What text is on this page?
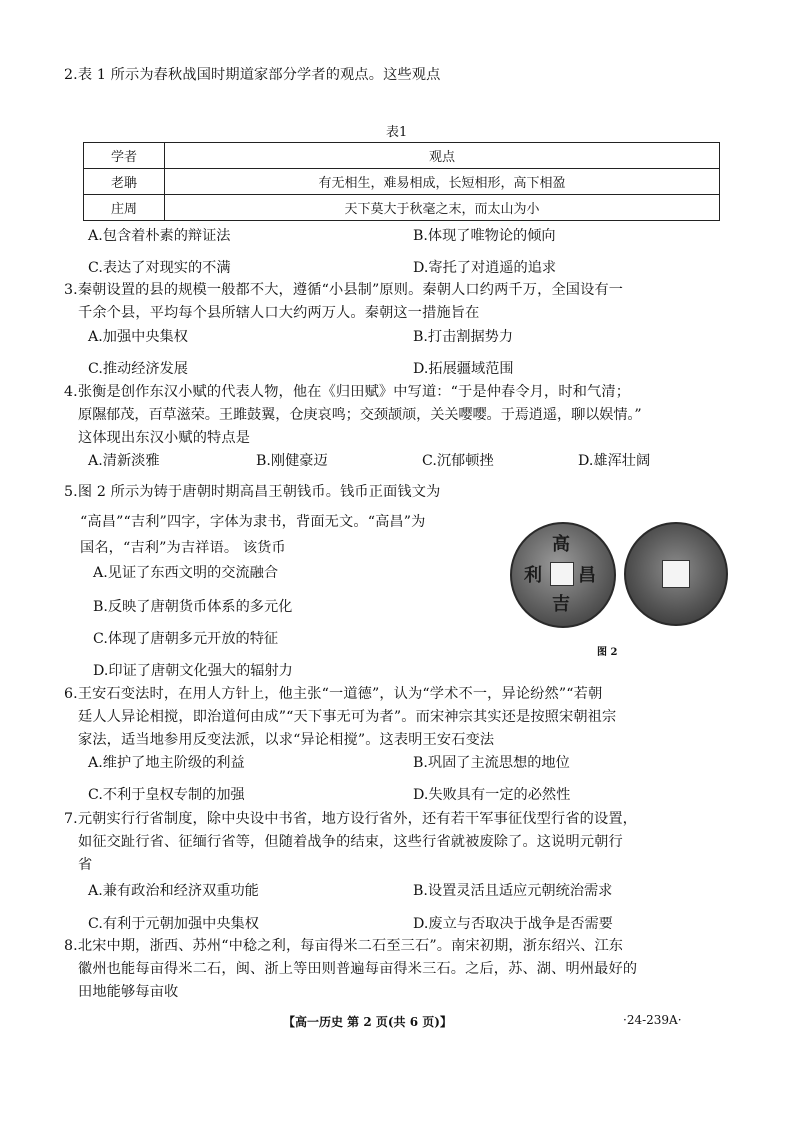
2.表 1 所示为春秋战国时期道家部分学者的观点。这些观点
表1
学者	观点
老聃	有无相生，难易相成，长短相形，高下相盈
庄周	天下莫大于秋毫之末，而太山为小
A.包含着朴素的辩证法	B.体现了唯物论的倾向
C.表达了对现实的不满	D.寄托了对逍遥的追求
3.秦朝设置的县的规模一般都不大，遵循“小县制”原则。秦朝人口约两千万，全国设有一
千余个县，平均每个县所辖人口大约两万人。秦朝这一措施旨在
A.加强中央集权	B.打击割据势力
C.推动经济发展	D.拓展疆域范围
4.张衡是创作东汉小赋的代表人物，他在《归田赋》中写道：“于是仲春令月，时和气清；
原隰郁茂，百草滋荣。王雎鼓翼，仓庚哀鸣；交颈颉颃，关关嘤嘤。于焉逍遥，聊以娱情。”
这体现出东汉小赋的特点是
A.清新淡雅	B.刚健豪迈	C.沉郁顿挫	D.雄浑壮阔
5.图 2 所示为铸于唐朝时期高昌王朝钱币。钱币正面钱文为
“高昌”“吉利”四字，字体为隶书，背面无文。“高昌”为
国名，“吉利”为吉祥语。 该货币
A.见证了东西文明的交流融合
B.反映了唐朝货币体系的多元化
C.体现了唐朝多元开放的特征
D.印证了唐朝文化强大的辐射力
高
昌
吉
利
图 2
6.王安石变法时，在用人方针上，他主张“一道德”，认为“学术不一，异论纷然”“若朝
廷人人异论相搅，即治道何由成”“天下事无可为者”。而宋神宗其实还是按照宋朝祖宗
家法，适当地参用反变法派，以求“异论相搅”。这表明王安石变法
A.维护了地主阶级的利益	B.巩固了主流思想的地位
C.不利于皇权专制的加强	D.失败具有一定的必然性
7.元朝实行行省制度，除中央设中书省，地方设行省外，还有若干军事征伐型行省的设置，
如征交趾行省、征缅行省等，但随着战争的结束，这些行省就被废除了。这说明元朝行
省
A.兼有政治和经济双重功能	B.设置灵活且适应元朝统治需求
C.有利于元朝加强中央集权	D.废立与否取决于战争是否需要
8.北宋中期，浙西、苏州“中稔之利，每亩得米二石至三石”。南宋初期，浙东绍兴、江东
徽州也能每亩得米二石，闽、浙上等田则普遍每亩得米三石。之后，苏、湖、明州最好的
田地能够每亩收
【高一历史 第 2 页(共 6 页)】	·24-239A·
